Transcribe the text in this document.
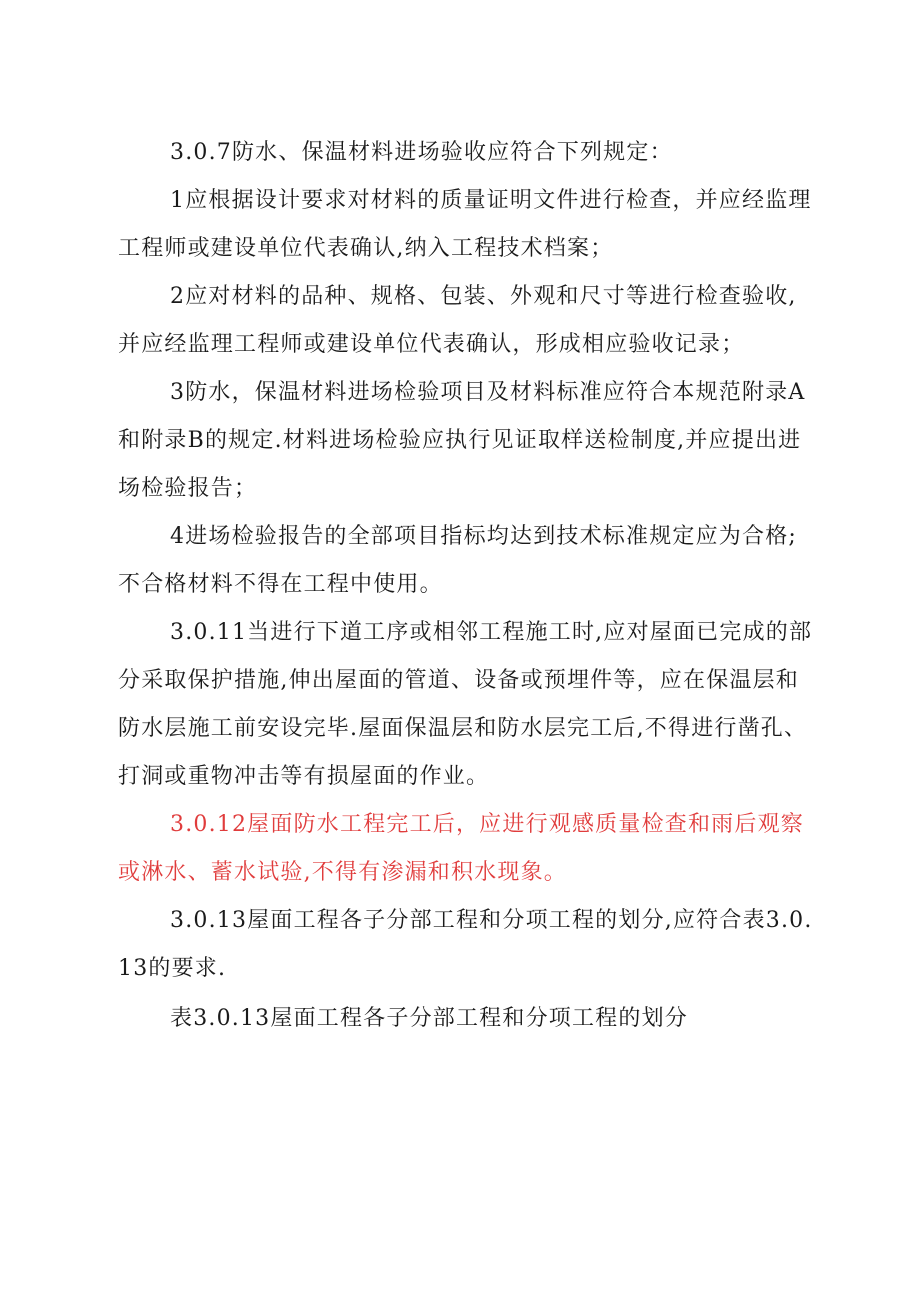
3.0.7防水、保温材料进场验收应符合下列规定：

1应根据设计要求对材料的质量证明文件进行检查，并应经监理工程师或建设单位代表确认,纳入工程技术档案；

2应对材料的品种、规格、包装、外观和尺寸等进行检查验收,并应经监理工程师或建设单位代表确认，形成相应验收记录；

3防水，保温材料进场检验项目及材料标准应符合本规范附录A和附录B的规定.材料进场检验应执行见证取样送检制度,并应提出进场检验报告；

4进场检验报告的全部项目指标均达到技术标准规定应为合格;不合格材料不得在工程中使用。

3.0.11当进行下道工序或相邻工程施工时,应对屋面已完成的部分采取保护措施,伸出屋面的管道、设备或预埋件等，应在保温层和防水层施工前安设完毕.屋面保温层和防水层完工后,不得进行凿孔、打洞或重物冲击等有损屋面的作业。

3.0.12屋面防水工程完工后，应进行观感质量检查和雨后观察或淋水、蓄水试验,不得有渗漏和积水现象。

3.0.13屋面工程各子分部工程和分项工程的划分,应符合表3.0.13的要求.

表3.0.13屋面工程各子分部工程和分项工程的划分
